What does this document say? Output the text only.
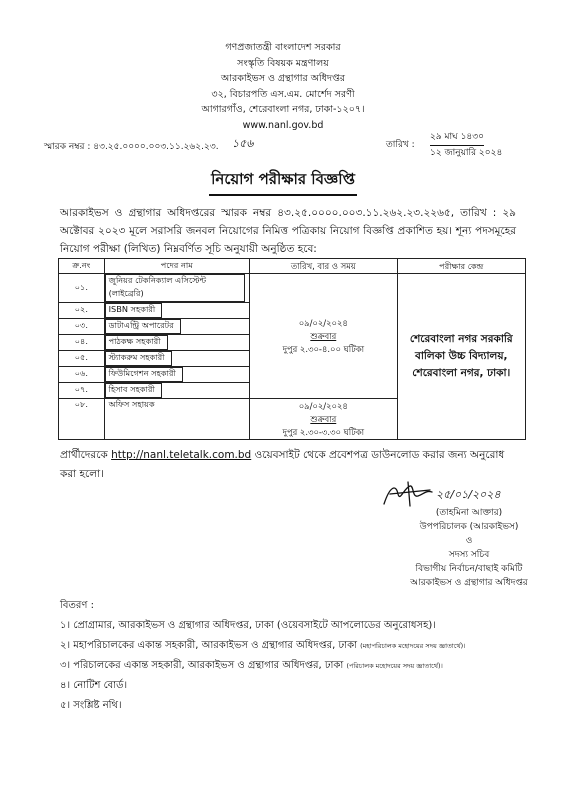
গণপ্রজাতন্ত্রী বাংলাদেশ সরকার
সংস্কৃতি বিষয়ক মন্ত্রণালয়
আরকাইভস ও গ্রন্থাগার অধিদপ্তর
৩২, বিচারপতি এস.এম. মোর্শেদ সরণী
আগারগাঁও, শেরেবাংলা নগর, ঢাকা-১২০৭।
www.nanl.gov.bd
স্মারক নম্বর : ৪৩.২৫.০০০০.০০৩.১১.২৬২.২৩. ১৫৬	তারিখ :
২৯ মাঘ ১৪৩০
১২ জানুয়ারি ২০২৪
নিয়োগ পরীক্ষার বিজ্ঞপ্তি
আরকাইভস ও গ্রন্থাগার অধিদপ্তরের স্মারক নম্বর ৪৩.২৫.০০০০.০০৩.১১.২৬২.২৩.২২৬৫, তারিখ : ২৯ অক্টোবর ২০২৩ মূলে সরাসরি জনবল নিয়োগের নিমিত্ত পত্রিকায় নিয়োগ বিজ্ঞপ্তি প্রকাশিত হয়। শূন্য পদসমূহের নিয়োগ পরীক্ষা (লিখিত) নিম্নবর্ণিত সূচি অনুযায়ী অনুষ্ঠিত হবে:
ক্র.নং	পদের নাম	তারিখ, বার ও সময়	পরীক্ষার কেন্দ্র
০১.	জুনিয়র টেকনিক্যাল এসিস্টেন্ট (লাইব্রেরি)	০৯/০২/২০২৪
শুক্রবার
দুপুর ২.৩০-৪.০০ ঘটিকা	শেরেবাংলা নগর সরকারি বালিকা উচ্চ বিদ্যালয়, শেরেবাংলা নগর, ঢাকা।

০২.	ISBN সহকারী		
০৩.	ডাটাএন্ট্রি অপারেটর		
০৪.	পাঠকক্ষ সহকারী		
০৫.	স্ট্যাকরুম সহকারী		
০৬.	ফিউমিগেশন সহকারী		
০৭.	হিসাব সহকারী		
০৮.	অফিস সহায়ক	০৯/০২/২০২৪
শুক্রবার
দুপুর ২.৩০-৩.৩০ ঘটিকা	
প্রার্থীদেরকে http://nanl.teletalk.com.bd ওয়েবসাইট থেকে প্রবেশপত্র ডাউনলোড করার জন্য অনুরোধ করা হলো।
২৫/০১/২০২৪
(তাহমিনা আক্তার)
উপপরিচালক (আরকাইভস)
ও
সদস্য সচিব
বিভাগীয় নির্বাচন/বাছাই কমিটি
আরকাইভস ও গ্রন্থাগার অধিদপ্তর
বিতরণ :
১। প্রোগ্রামার, আরকাইভস ও গ্রন্থাগার অধিদপ্তর, ঢাকা (ওয়েবসাইটে আপলোডের অনুরোধসহ)।
২। মহাপরিচালকের একান্ত সহকারী, আরকাইভস ও গ্রন্থাগার অধিদপ্তর, ঢাকা (মহাপরিচালক মহোদয়ের সদয় জ্ঞাতার্থে)।
৩। পরিচালকের একান্ত সহকারী, আরকাইভস ও গ্রন্থাগার অধিদপ্তর, ঢাকা (পরিচালক মহোদয়ের সদয় জ্ঞাতার্থে)।
৪। নোটিশ বোর্ড।
৫। সংশ্লিষ্ট নথি।
